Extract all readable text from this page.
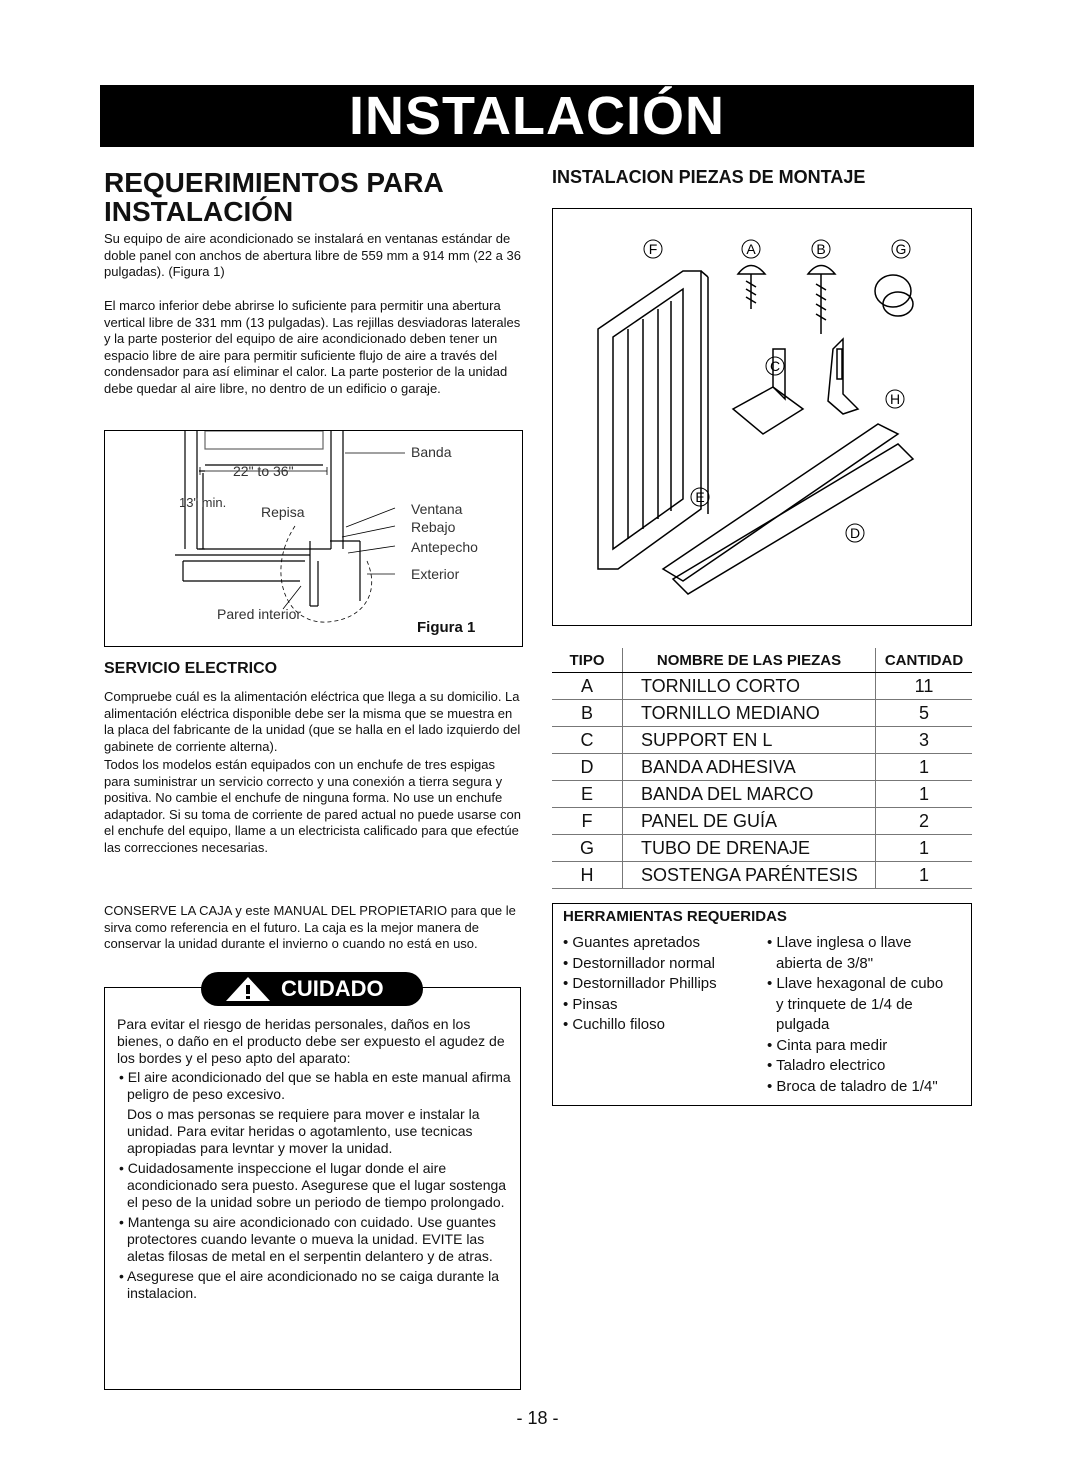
INSTALACIÓN
REQUERIMIENTOS PARA
INSTALACIÓN

Su equipo de aire acondicionado se instalará en ventanas estándar de doble panel con anchos de abertura libre de 559 mm a 914 mm (22 a 36 pulgadas). (Figura 1)

El marco inferior debe abrirse lo suficiente para permitir una abertura vertical libre de 331 mm (13 pulgadas). Las rejillas desviadoras laterales y la parte posterior del equipo de aire acondicionado deben tener un espacio libre de aire para permitir suficiente flujo de aire a través del condensador para así eliminar el calor. La parte posterior de la unidad debe quedar al aire libre, no dentro de un edificio o garaje.

22" to 36"
13" min.
Repisa
Pared interior
Banda
Ventana
Rebajo
Antepecho
Exterior
Figura 1
SERVICIO ELECTRICO

Compruebe cuál es la alimentación eléctrica que llega a su domicilio. La alimentación eléctrica disponible debe ser la misma que se muestra en la placa del fabricante de la unidad (que se halla en el lado izquierdo del gabinete de corriente alterna).

Todos los modelos están equipados con un enchufe de tres espigas para suministrar un servicio correcto y una conexión a tierra segura y positiva. No cambie el enchufe de ninguna forma. No use un enchufe adaptador. Si su toma de corriente de pared actual no puede usarse con el enchufe del equipo, llame a un electricista calificado para que efectúe las correcciones necesarias.

CONSERVE LA CAJA y este MANUAL DEL PROPIETARIO para que le sirva como referencia en el futuro. La caja es la mejor manera de conservar la unidad durante el invierno o cuando no está en uso.

CUIDADO
Para evitar el riesgo de heridas personales, daños en los bienes, o daño en el producto debe ser expuesto el agudez de los bordes y el peso apto del aparato:
• El aire acondicionado del que se habla en este manual afirma peligro de peso excesivo.
Dos o mas personas se requiere para mover e instalar la unidad. Para evitar heridas o agotamlento, use tecnicas apropiadas para levntar y mover la unidad.
• Cuidadosamente inspeccione el lugar donde el aire acondicionado sera puesto. Asegurese que el lugar sostenga el peso de la unidad sobre un periodo de tiempo prolongado.
• Mantenga su aire acondicionado con cuidado. Use guantes protectores cuando levante o mueva la unidad. EVITE las aletas filosas de metal en el serpentin delantero y de atras.
• Asegurese que el aire acondicionado no se caiga durante la instalacion.
INSTALACION PIEZAS DE MONTAJE
F	A	B	G
C
H
E
D
TIPO	NOMBRE DE LAS PIEZAS	CANTIDAD
A	TORNILLO CORTO	11
B	TORNILLO MEDIANO	5
C	SUPPORT EN L	3
D	BANDA ADHESIVA	1
E	BANDA DEL MARCO	1
F	PANEL DE GUÍA	2
G	TUBO DE DRENAJE	1
H	SOSTENGA PARÉNTESIS	1
HERRAMIENTAS REQUERIDAS
• Guantes apretados
• Destornillador normal
• Destornillador Phillips
• Pinsas
• Cuchillo filoso
• Llave inglesa o llave
abierta de 3/8"
• Llave hexagonal de cubo
y trinquete de 1/4 de
pulgada
• Cinta para medir
• Taladro electrico
• Broca de taladro de 1/4"
- 18 -
